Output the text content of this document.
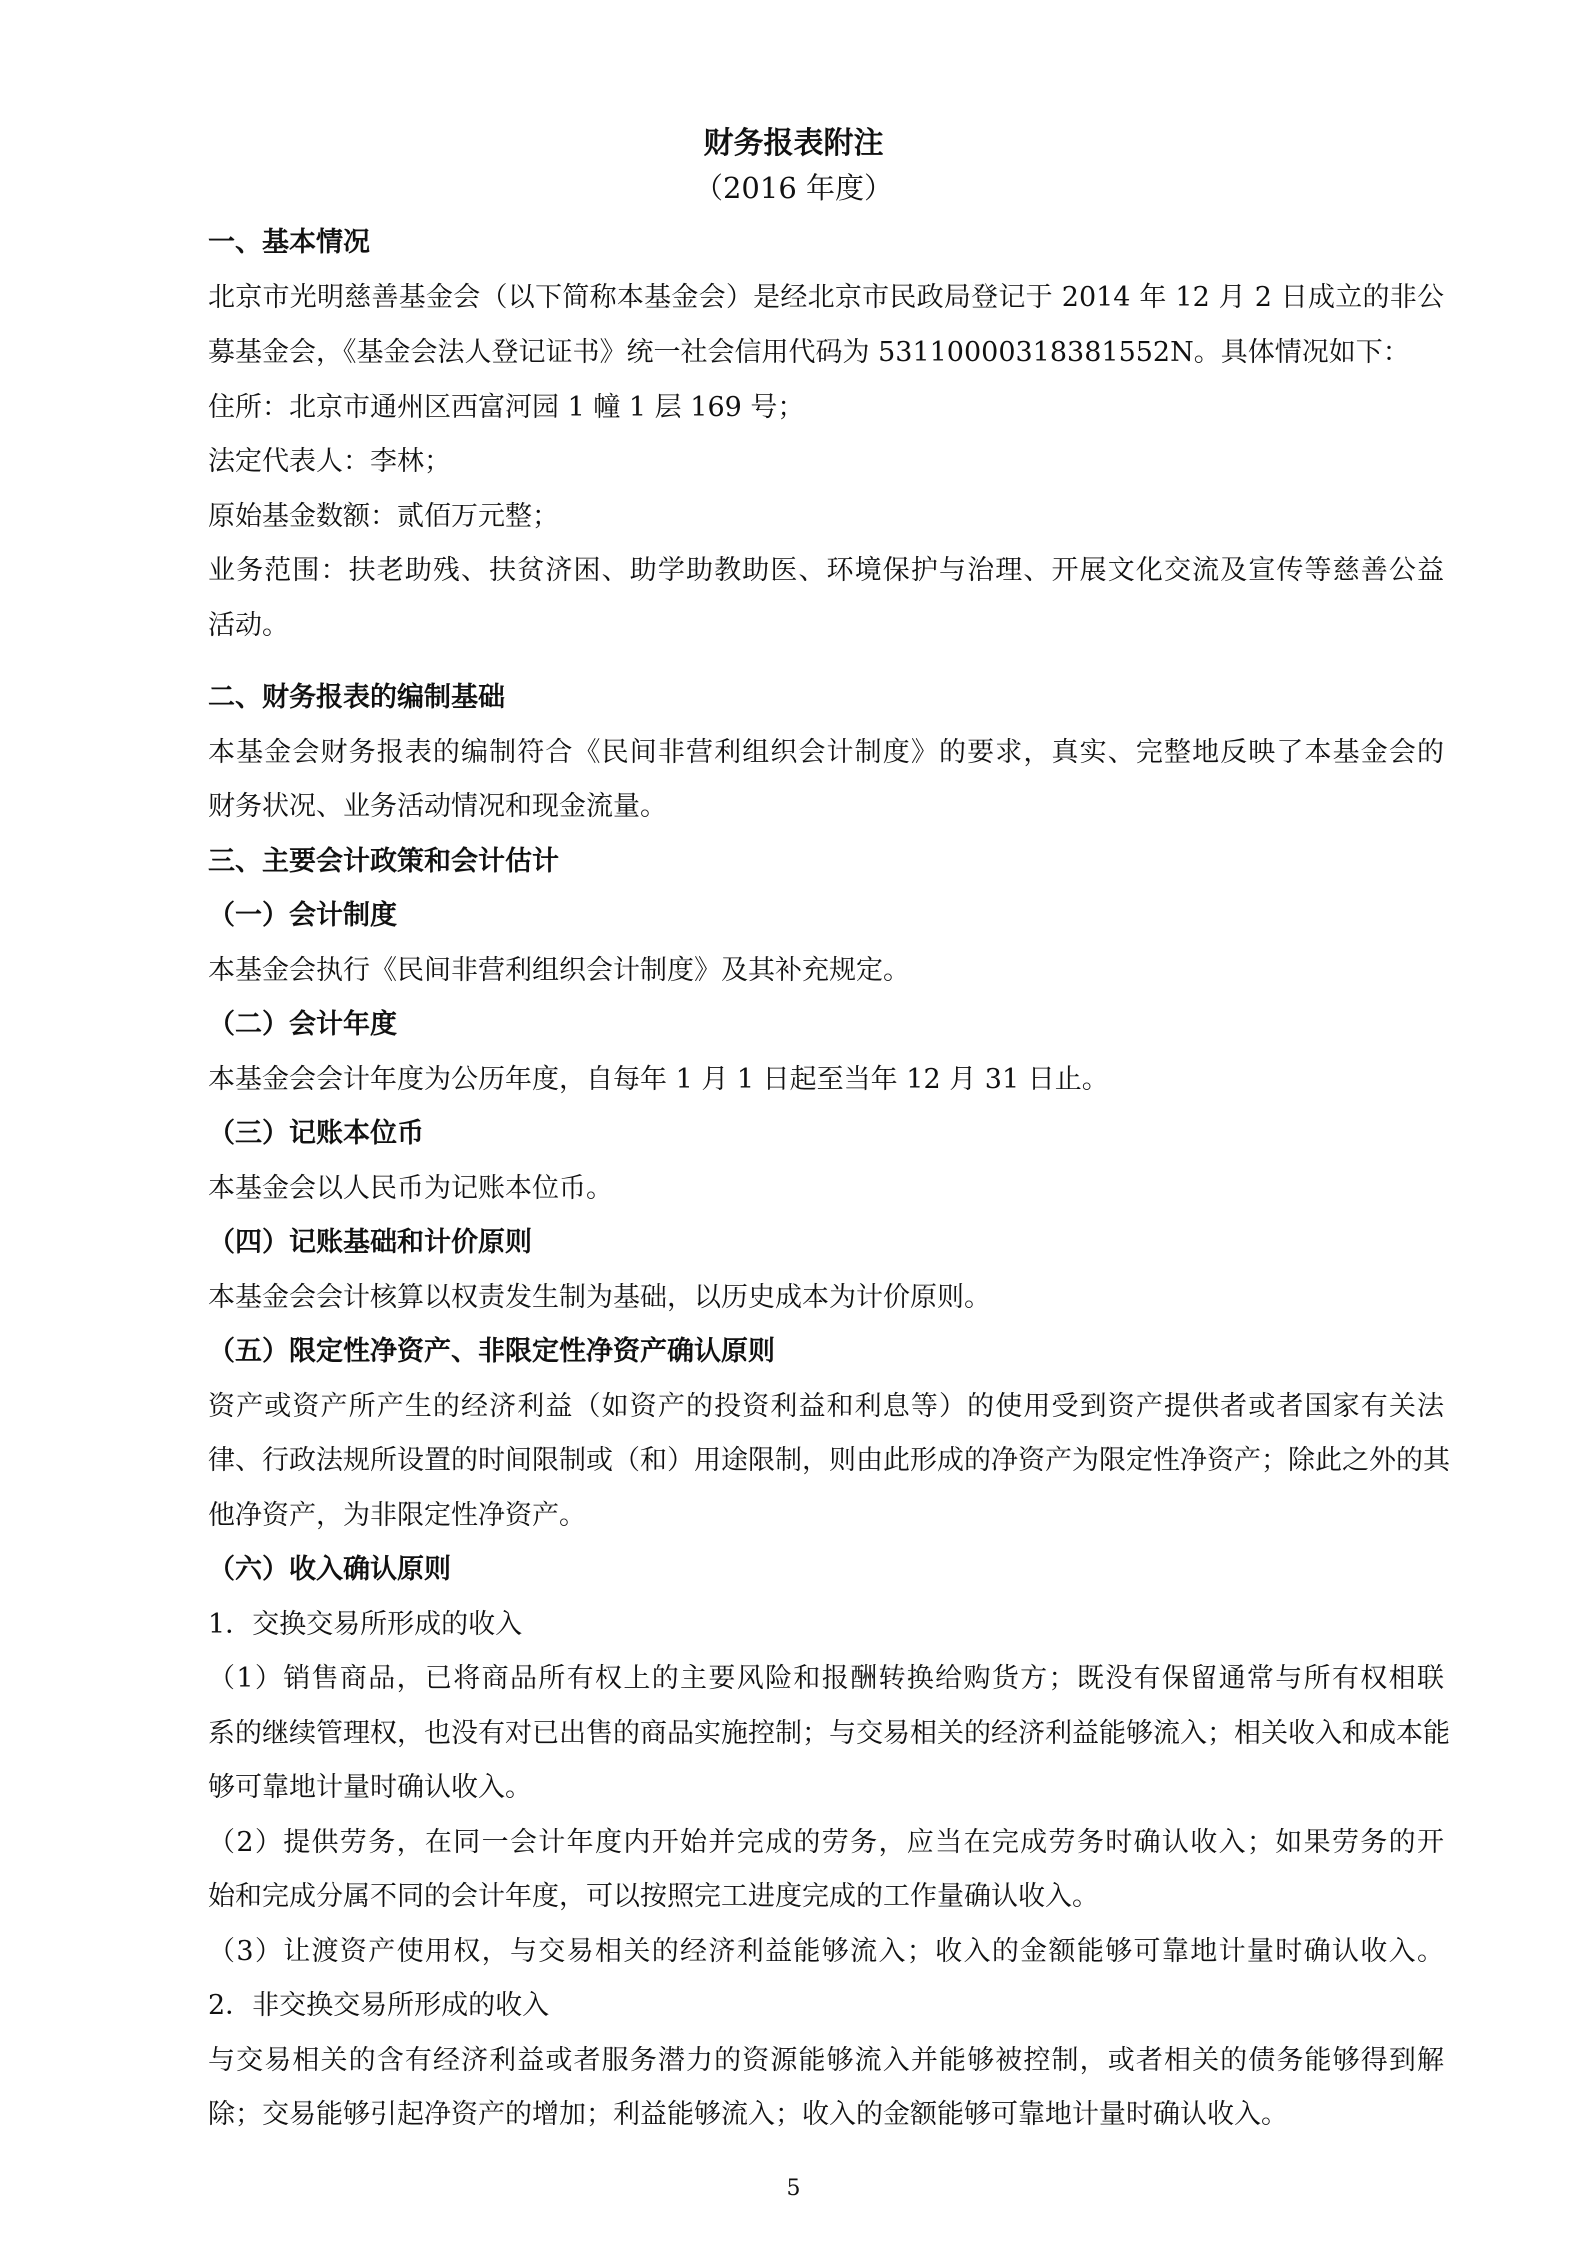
财务报表附注
（2016 年度）
一、基本情况
北京市光明慈善基金会（以下简称本基金会）是经北京市民政局登记于 2014 年 12 月 2 日成立的非公
募基金会，《基金会法人登记证书》统一社会信用代码为 53110000318381552N。具体情况如下：
住所：北京市通州区西富河园 1 幢 1 层 169 号；
法定代表人：李林；
原始基金数额：贰佰万元整；
业务范围：扶老助残、扶贫济困、助学助教助医、环境保护与治理、开展文化交流及宣传等慈善公益
活动。
二、财务报表的编制基础
本基金会财务报表的编制符合《民间非营利组织会计制度》的要求，真实、完整地反映了本基金会的
财务状况、业务活动情况和现金流量。
三、主要会计政策和会计估计
（一）会计制度
本基金会执行《民间非营利组织会计制度》及其补充规定。
（二）会计年度
本基金会会计年度为公历年度，自每年 1 月 1 日起至当年 12 月 31 日止。
（三）记账本位币
本基金会以人民币为记账本位币。
（四）记账基础和计价原则
本基金会会计核算以权责发生制为基础，以历史成本为计价原则。
（五）限定性净资产、非限定性净资产确认原则
资产或资产所产生的经济利益（如资产的投资利益和利息等）的使用受到资产提供者或者国家有关法
律、行政法规所设置的时间限制或（和）用途限制，则由此形成的净资产为限定性净资产；除此之外的其
他净资产，为非限定性净资产。
（六）收入确认原则
1．交换交易所形成的收入
（1）销售商品，已将商品所有权上的主要风险和报酬转换给购货方；既没有保留通常与所有权相联
系的继续管理权，也没有对已出售的商品实施控制；与交易相关的经济利益能够流入；相关收入和成本能
够可靠地计量时确认收入。
（2）提供劳务，在同一会计年度内开始并完成的劳务，应当在完成劳务时确认收入；如果劳务的开
始和完成分属不同的会计年度，可以按照完工进度完成的工作量确认收入。
（3）让渡资产使用权，与交易相关的经济利益能够流入；收入的金额能够可靠地计量时确认收入。
2．非交换交易所形成的收入
与交易相关的含有经济利益或者服务潜力的资源能够流入并能够被控制，或者相关的债务能够得到解
除；交易能够引起净资产的增加；利益能够流入；收入的金额能够可靠地计量时确认收入。
5
